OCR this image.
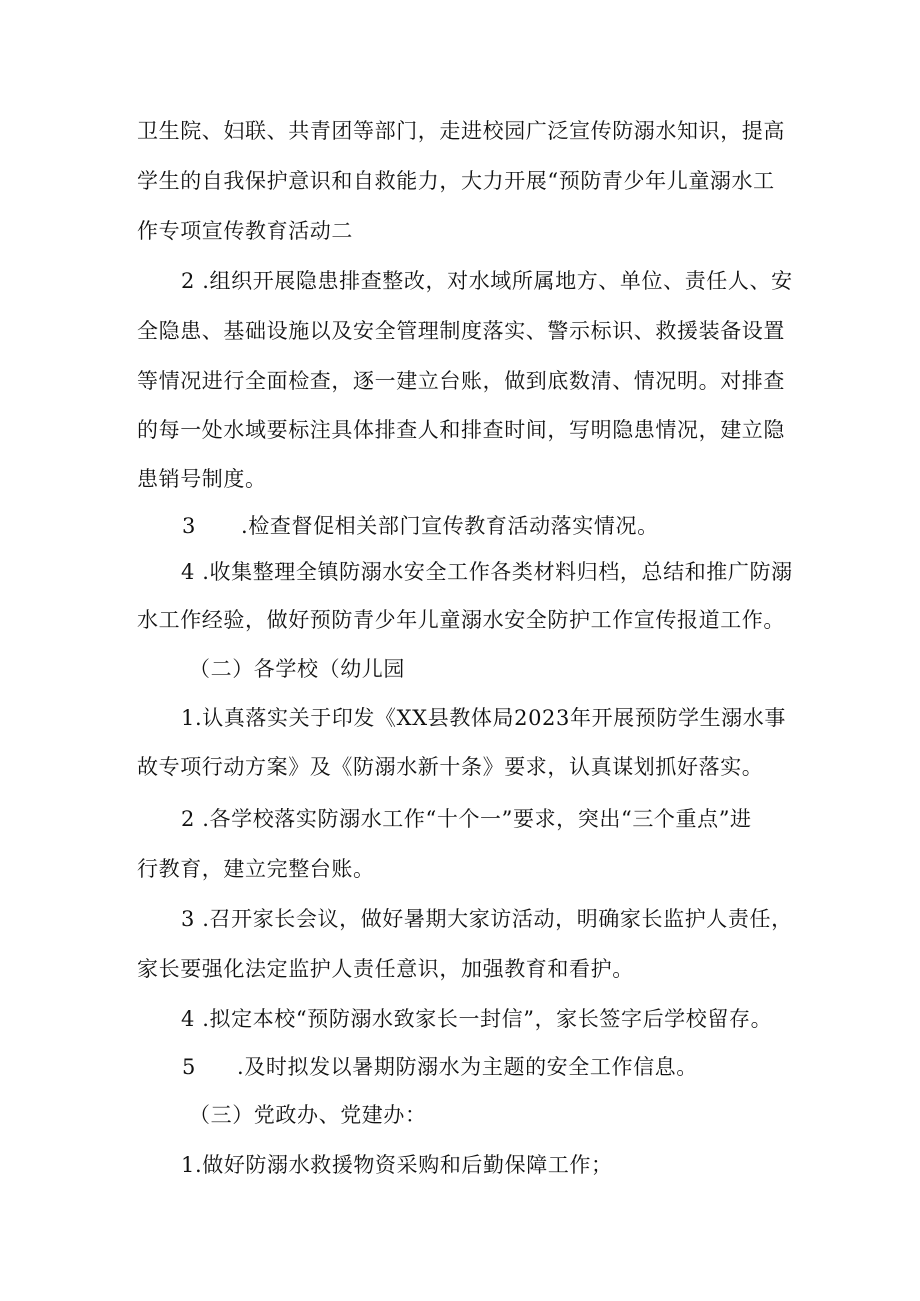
卫生院、妇联、共青团等部门，走进校园广泛宣传防溺水知识，提高
学生的自我保护意识和自救能力，大力开展“预防青少年儿童溺水工
作专项宣传教育活动二
2 .组织开展隐患排查整改，对水域所属地方、单位、责任人、安
全隐患、基础设施以及安全管理制度落实、警示标识、救援装备设置
等情况进行全面检查，逐一建立台账，做到底数清、情况明。对排查
的每一处水域要标注具体排查人和排查时间，写明隐患情况，建立隐
患销号制度。
3 .检查督促相关部门宣传教育活动落实情况。
4 .收集整理全镇防溺水安全工作各类材料归档，总结和推广防溺
水工作经验，做好预防青少年儿童溺水安全防护工作宣传报道工作。
（二）各学校（幼儿园
1.认真落实关于印发《XX县教体局2023年开展预防学生溺水事
故专项行动方案》及《防溺水新十条》要求，认真谋划抓好落实。
2 .各学校落实防溺水工作“十个一”要求，突出“三个重点”进
行教育，建立完整台账。
3 .召开家长会议，做好暑期大家访活动，明确家长监护人责任，
家长要强化法定监护人责任意识，加强教育和看护。
4 .拟定本校“预防溺水致家长一封信”，家长签字后学校留存。
5 .及时拟发以暑期防溺水为主题的安全工作信息。
（三）党政办、党建办：
1.做好防溺水救援物资采购和后勤保障工作；
